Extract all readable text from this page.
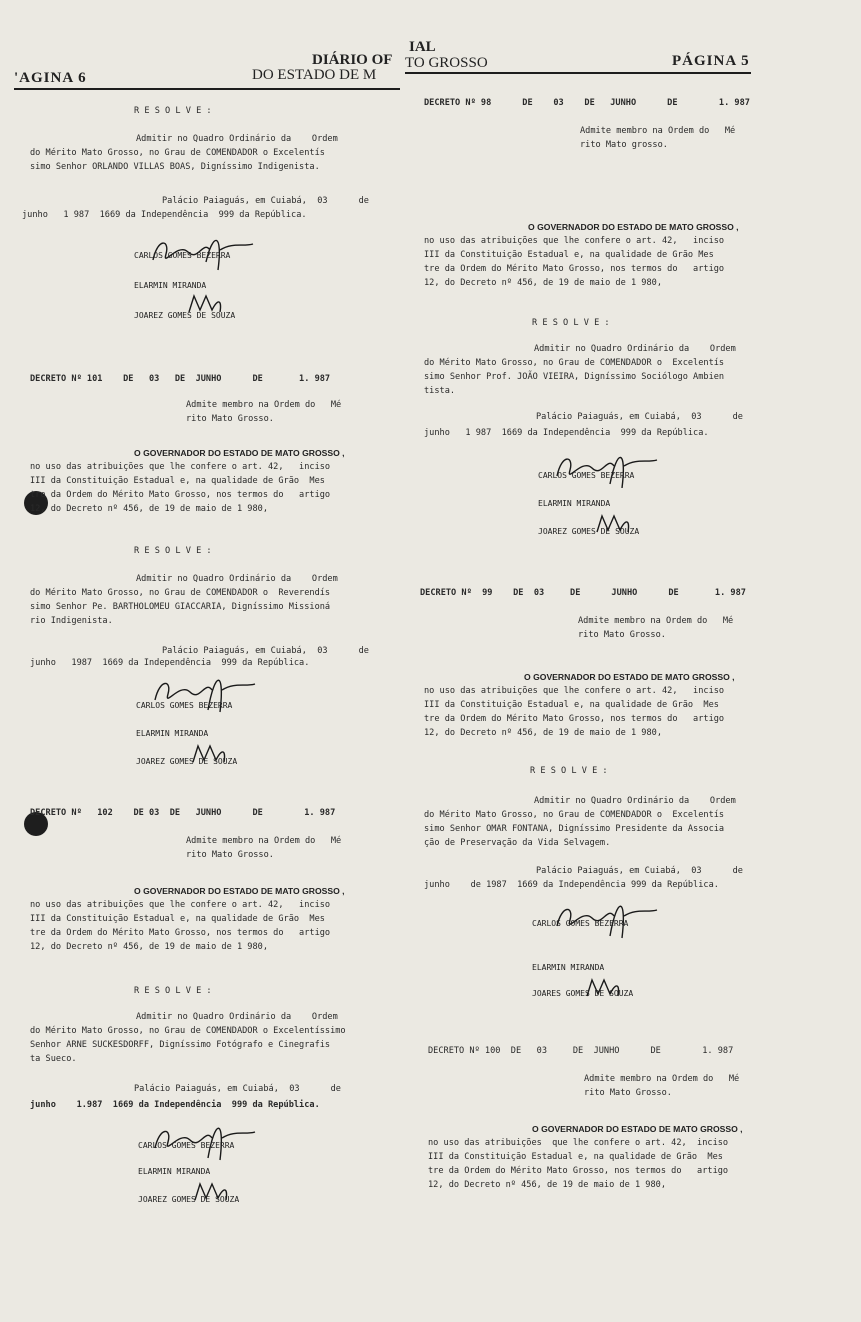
'AGINA 6
DIÁRIO OF
DO ESTADO DE M
IAL
TO GROSSO	PÁGINA 5
R E S O L V E :
Admitir no Quadro Ordinário da    Ordem
do Mérito Mato Grosso, no Grau de COMENDADOR o Excelentís
simo Senhor ORLANDO VILLAS BOAS, Digníssimo Indigenista.
Palácio Paiaguás, em Cuiabá,  03      de
junho   1 987  1669 da Independência  999 da República.
CARLOS GOMES BEZERRA
ELARMIN MIRANDA
JOAREZ GOMES DE SOUZA
DECRETO Nº 101    DE   03   DE  JUNHO      DE       1. 987
Admite membro na Ordem do   Mé
rito Mato Grosso.
O GOVERNADOR DO ESTADO DE MATO GROSSO ,
no uso das atribuições que lhe confere o art. 42,   inciso
III da Constituição Estadual e, na qualidade de Grão  Mes
tre da Ordem do Mérito Mato Grosso, nos termos do   artigo
12, do Decreto nº 456, de 19 de maio de 1 980,
R E S O L V E :
Admitir no Quadro Ordinário da    Ordem
do Mérito Mato Grosso, no Grau de COMENDADOR o  Reverendís
simo Senhor Pe. BARTHOLOMEU GIACCARIA, Digníssimo Missioná
rio Indigenista.
Palácio Paiaguás, em Cuiabá,  03      de
junho   1987  1669 da Independência  999 da República.
CARLOS GOMES BEZERRA
ELARMIN MIRANDA
JOAREZ GOMES DE SOUZA
DECRETO Nº   102    DE 03  DE   JUNHO      DE        1. 987
Admite membro na Ordem do   Mé
rito Mato Grosso.
O GOVERNADOR DO ESTADO DE MATO GROSSO ,
no uso das atribuições que lhe confere o art. 42,   inciso
III da Constituição Estadual e, na qualidade de Grão  Mes
tre da Ordem do Mérito Mato Grosso, nos termos do   artigo
12, do Decreto nº 456, de 19 de maio de 1 980,
R E S O L V E :
Admitir no Quadro Ordinário da    Ordem
do Mérito Mato Grosso, no Grau de COMENDADOR o Excelentíssimo
Senhor ARNE SUCKESDORFF, Digníssimo Fotógrafo e Cinegrafis
ta Sueco.
Palácio Paiaguás, em Cuiabá,  03      de
junho    1.987  1669 da Independência  999 da República.
CARLOS GOMES BEZERRA
ELARMIN MIRANDA
JOAREZ GOMES DE SOUZA
DECRETO Nº 98      DE    03    DE   JUNHO      DE        1. 987
Admite membro na Ordem do   Mé
rito Mato grosso.
O GOVERNADOR DO ESTADO DE MATO GROSSO ,
no uso das atribuições que lhe confere o art. 42,   inciso
III da Constituição Estadual e, na qualidade de Grão Mes
tre da Ordem do Mérito Mato Grosso, nos termos do   artigo
12, do Decreto nº 456, de 19 de maio de 1 980,
R E S O L V E :
Admitir no Quadro Ordinário da    Ordem
do Mérito Mato Grosso, no Grau de COMENDADOR o  Excelentís
simo Senhor Prof. JOÃO VIEIRA, Digníssimo Sociólogo Ambien
tista.
Palácio Paiaguás, em Cuiabá,  03      de
junho   1 987  1669 da Independência  999 da República.
CARLOS GOMES BEZERRA
ELARMIN MIRANDA
JOAREZ GOMES DE SOUZA
DECRETO Nº  99    DE  03     DE      JUNHO      DE       1. 987
Admite membro na Ordem do   Mé
rito Mato Grosso.
O GOVERNADOR DO ESTADO DE MATO GROSSO ,
no uso das atribuições que lhe confere o art. 42,   inciso
III da Constituição Estadual e, na qualidade de Grão  Mes
tre da Ordem do Mérito Mato Grosso, nos termos do   artigo
12, do Decreto nº 456, de 19 de maio de 1 980,
R E S O L V E :
Admitir no Quadro Ordinário da    Ordem
do Mérito Mato Grosso, no Grau de COMENDADOR o  Excelentís
simo Senhor OMAR FONTANA, Digníssimo Presidente da Associa
ção de Preservação da Vida Selvagem.
Palácio Paiaguás, em Cuiabá,  03      de
junho    de 1987  1669 da Independência 999 da República.
CARLOS GOMES BEZERRA
ELARMIN MIRANDA
JOARES GOMES DE SOUZA
DECRETO Nº 100  DE   03     DE  JUNHO      DE        1. 987
Admite membro na Ordem do   Mé
rito Mato Grosso.
O GOVERNADOR DO ESTADO DE MATO GROSSO ,
no uso das atribuições  que lhe confere o art. 42,  inciso
III da Constituição Estadual e, na qualidade de Grão  Mes
tre da Ordem do Mérito Mato Grosso, nos termos do   artigo
12, do Decreto nº 456, de 19 de maio de 1 980,
